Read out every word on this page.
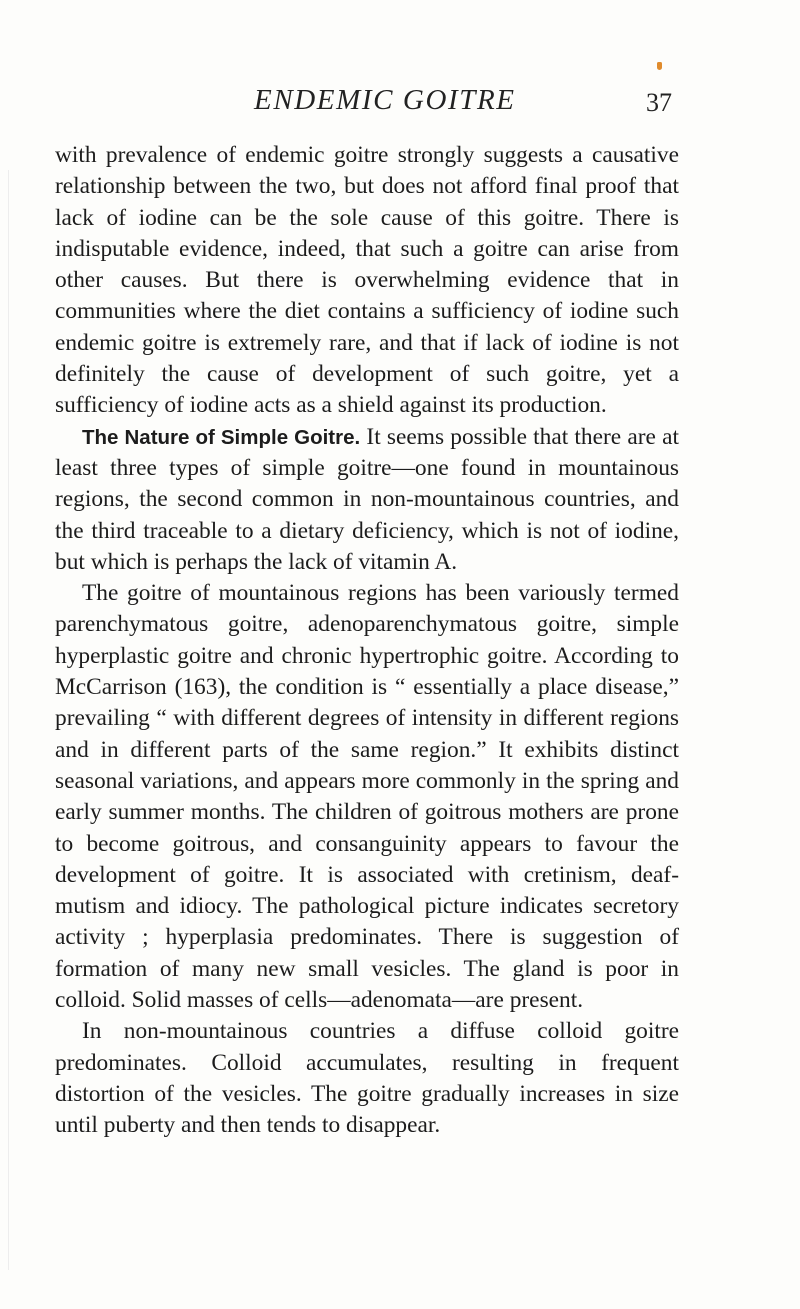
ENDEMIC GOITRE	37

with prevalence of endemic goitre strongly suggests a causative relationship between the two, but does not afford final proof that lack of iodine can be the sole cause of this goitre. There is indisputable evidence, indeed, that such a goitre can arise from other causes. But there is overwhelming evidence that in communities where the diet contains a sufficiency of iodine such endemic goitre is extremely rare, and that if lack of iodine is not definitely the cause of development of such goitre, yet a sufficiency of iodine acts as a shield against its production.

The Nature of Simple Goitre. It seems possible that there are at least three types of simple goitre—one found in mountainous regions, the second common in non-mountainous countries, and the third traceable to a dietary deficiency, which is not of iodine, but which is perhaps the lack of vitamin A.

The goitre of mountainous regions has been variously termed parenchymatous goitre, adenoparenchymatous goitre, simple hyperplastic goitre and chronic hypertrophic goitre. According to McCarrison (163), the condition is “ essentially a place disease,” prevailing “ with different degrees of intensity in different regions and in different parts of the same region.” It exhibits distinct seasonal variations, and appears more commonly in the spring and early summer months. The children of goitrous mothers are prone to become goitrous, and consanguinity appears to favour the development of goitre. It is associated with cretinism, deaf-mutism and idiocy. The pathological picture indicates secretory activity ; hyperplasia predominates. There is suggestion of formation of many new small vesicles. The gland is poor in colloid. Solid masses of cells—adenomata—are present.

In non-mountainous countries a diffuse colloid goitre predominates. Colloid accumulates, resulting in frequent distortion of the vesicles. The goitre gradually increases in size until puberty and then tends to disappear.
